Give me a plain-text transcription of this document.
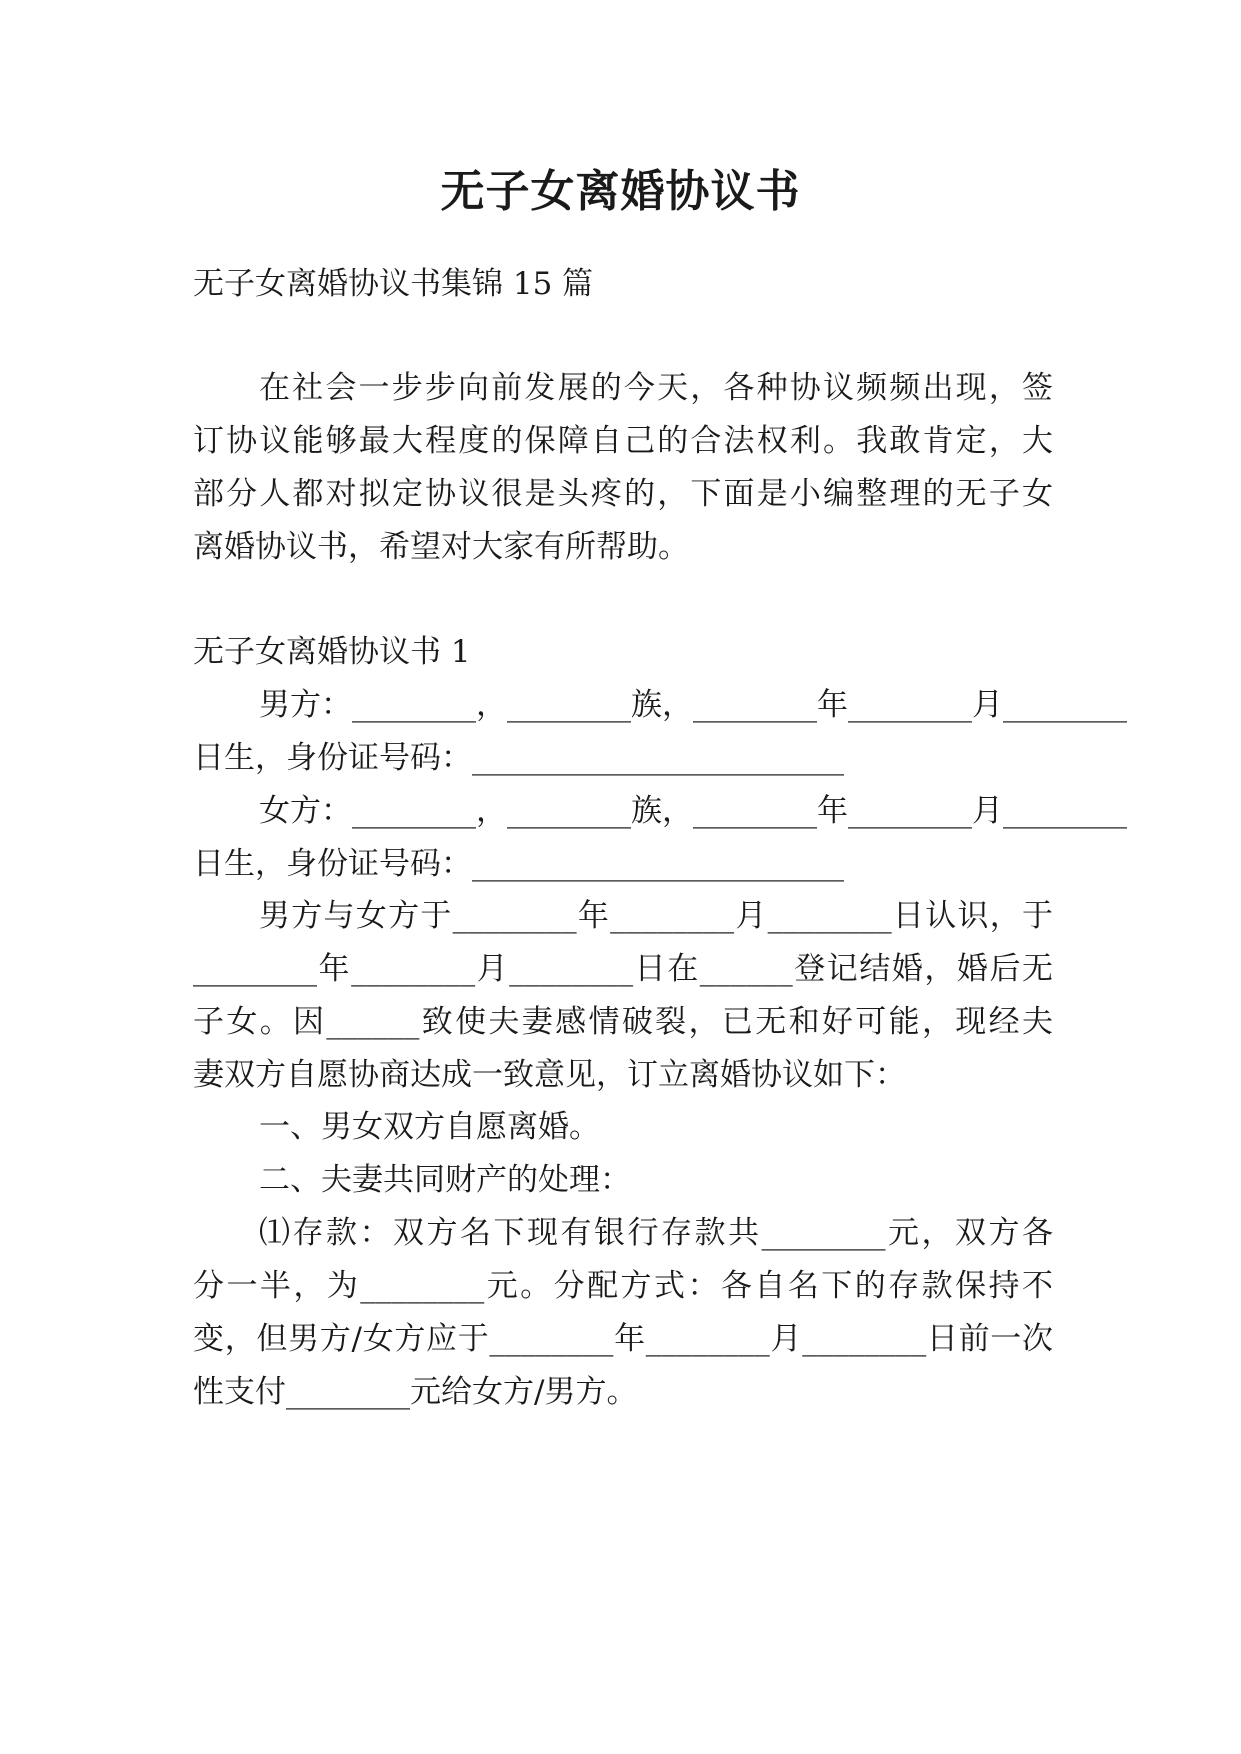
无子女离婚协议书

无子女离婚协议书集锦 15 篇

在社会一步步向前发展的今天，各种协议频频出现，签

订协议能够最大程度的保障自己的合法权利。我敢肯定，大

部分人都对拟定协议很是头疼的，下面是小编整理的无子女

离婚协议书，希望对大家有所帮助。

无子女离婚协议书 1

男方：________，________族，________年________月________

日生，身份证号码：________________________

女方：________，________族，________年________月________

日生，身份证号码：________________________

男方与女方于________年________月________日认识，于

________年________月________日在______登记结婚，婚后无

子女。因______致使夫妻感情破裂，已无和好可能，现经夫

妻双方自愿协商达成一致意见，订立离婚协议如下：

一、男女双方自愿离婚。

二、夫妻共同财产的处理：

⑴存款：双方名下现有银行存款共________元，双方各

分一半，为________元。分配方式：各自名下的存款保持不

变，但男方/女方应于________年________月________日前一次

性支付________元给女方/男方。
